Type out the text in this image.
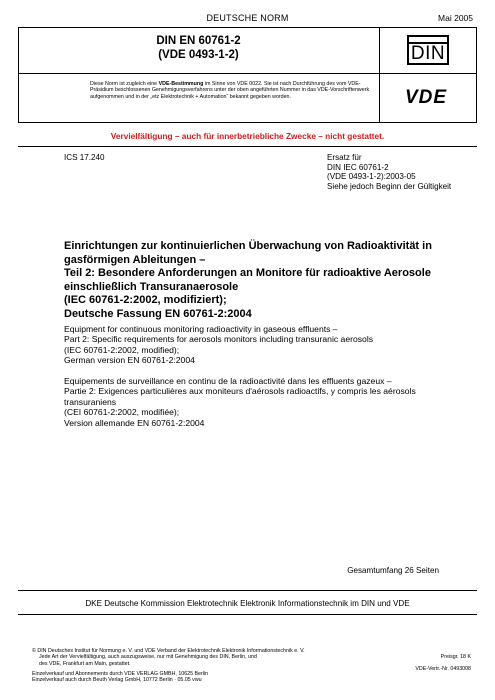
DEUTSCHE NORM	Mai 2005
DIN EN 60761-2
(VDE 0493-1-2)
Diese Norm ist zugleich eine VDE-Bestimmung im Sinne von VDE 0022. Sie ist nach Durchführung des vom VDE-Präsidium beschlossenen Genehmigungsverfahrens unter der oben angeführten Nummer in das VDE-Vorschriftenwerk aufgenommen und in der „etz Elektrotechnik + Automation“ bekannt gegeben worden.
DIN
VDE
Vervielfältigung – auch für innerbetriebliche Zwecke – nicht gestattet.
ICS 17.240	Ersatz für
DIN IEC 60761-2
(VDE 0493-1-2):2003-05
Siehe jedoch Beginn der Gültigkeit
Einrichtungen zur kontinuierlichen Überwachung von Radioaktivität in
gasförmigen Ableitungen –
Teil 2: Besondere Anforderungen an Monitore für radioaktive Aerosole
einschließlich Transuranaerosole
(IEC 60761-2:2002, modifiziert);
Deutsche Fassung EN 60761-2:2004
Equipment for continuous monitoring radioactivity in gaseous effluents –
Part 2: Specific requirements for aerosols monitors including transuranic aerosols
(IEC 60761-2:2002, modified);
German version EN 60761-2:2004
Equipements de surveillance en continu de la radioactivité dans les effluents gazeux –
Partie 2: Exigences particulières aux moniteurs d'aérosols radioactifs, y compris les aérosols
transuraniens
(CEI 60761-2:2002, modifiée);
Version allemande EN 60761-2:2004
Gesamtumfang 26 Seiten
DKE Deutsche Kommission Elektrotechnik Elektronik Informationstechnik im DIN und VDE
© DIN Deutsches Institut für Normung e. V. und VDE Verband der Elektrotechnik Elektronik Informationstechnik e. V.
Jede Art der Vervielfältigung, auch auszugsweise, nur mit Genehmigung des DIN, Berlin, und
des VDE, Frankfurt am Main, gestattet.
Einzelverkauf und Abonnements durch VDE VERLAG GMBH, 10625 Berlin
Einzelverkauf auch durch Beuth Verlag GmbH, 10772 Berlin · 05.05 vwu
Preisgr. 18 K
VDE-Vertr.-Nr. 0493008
